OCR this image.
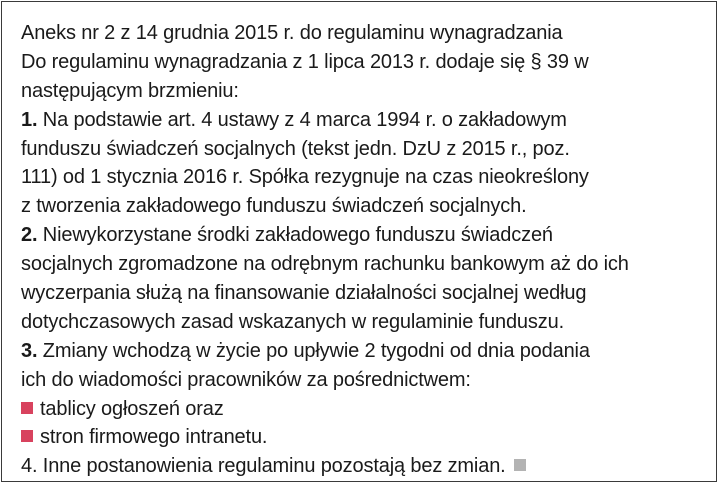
Aneks nr 2 z 14 grudnia 2015 r. do regulaminu wynagradzania
Do regulaminu wynagradzania z 1 lipca 2013 r. dodaje się § 39 w
następującym brzmieniu:
1. Na podstawie art. 4 ustawy z 4 marca 1994 r. o zakładowym
funduszu świadczeń socjalnych (tekst jedn. DzU z 2015 r., poz.
111) od 1 stycznia 2016 r. Spółka rezygnuje na czas nieokreślony
z tworzenia zakładowego funduszu świadczeń socjalnych.
2. Niewykorzystane środki zakładowego funduszu świadczeń
socjalnych zgromadzone na odrębnym rachunku bankowym aż do ich
wyczerpania służą na finansowanie działalności socjalnej według
dotychczasowych zasad wskazanych w regulaminie funduszu.
3. Zmiany wchodzą w życie po upływie 2 tygodni od dnia podania
ich do wiadomości pracowników za pośrednictwem:
tablicy ogłoszeń oraz
stron firmowego intranetu.
4. Inne postanowienia regulaminu pozostają bez zmian.
